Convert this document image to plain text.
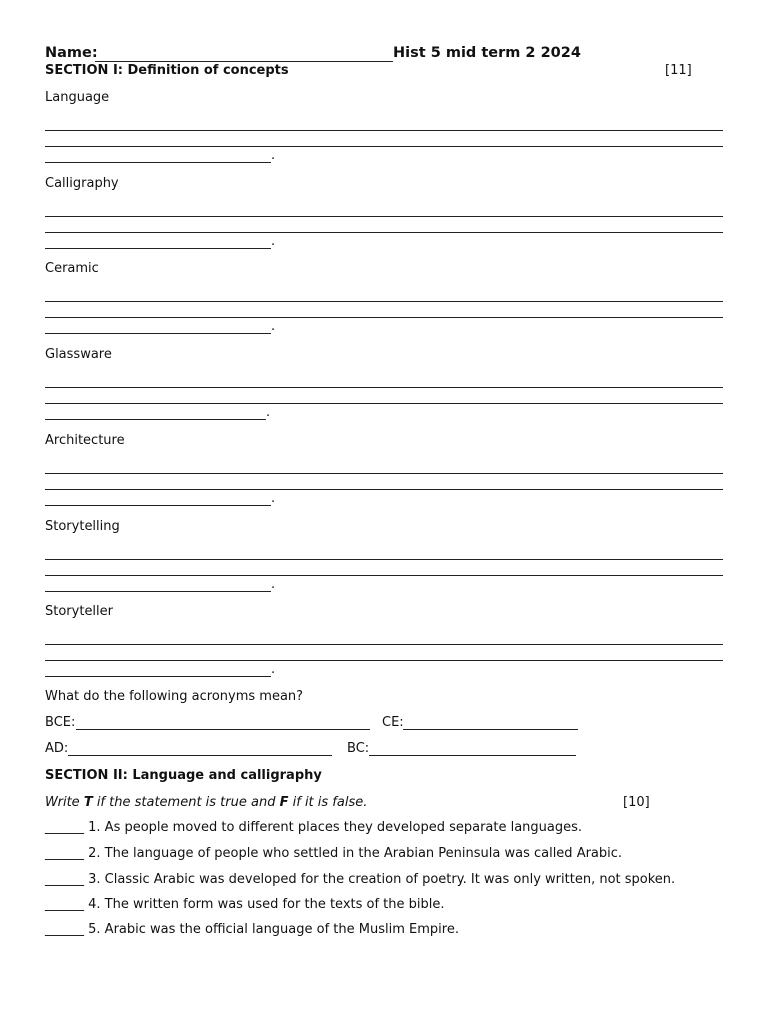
Name:	Hist 5 mid term 2 2024
SECTION I: Definition of concepts	[11]
Language
.
Calligraphy
.
Ceramic
.
Glassware
.
Architecture
.
Storytelling
.
Storyteller
.
What do the following acronyms mean?
BCE:	CE:
AD:	BC:
SECTION II: Language and calligraphy
Write T if the statement is true and F if it is false.	[10]
______ 1. As people moved to different places they developed separate languages.
______ 2. The language of people who settled in the Arabian Peninsula was called Arabic.
______ 3. Classic Arabic was developed for the creation of poetry. It was only written, not spoken.
______ 4. The written form was used for the texts of the bible.
______ 5. Arabic was the official language of the Muslim Empire.
